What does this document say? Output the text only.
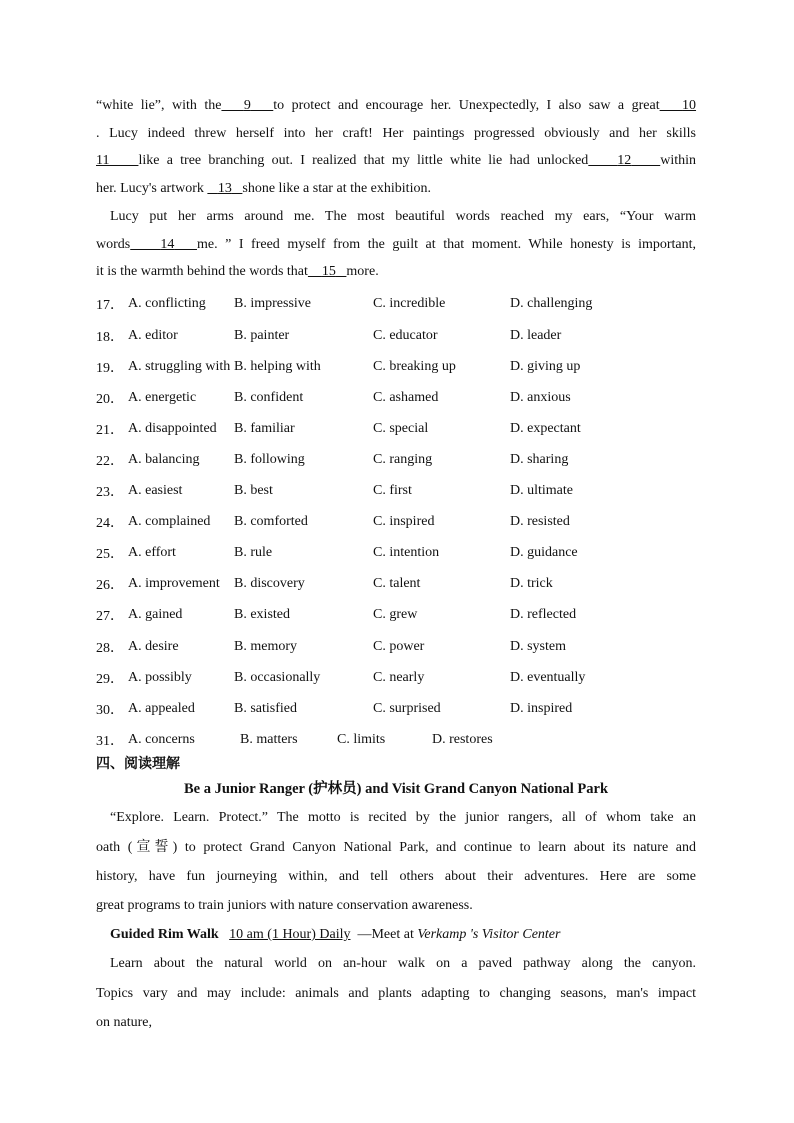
“white lie”, with the 9 to protect and encourage her. Unexpectedly, I also saw a great 10

. Lucy indeed threw herself into her craft! Her paintings progressed obviously and her skills

11 like a tree branching out. I realized that my little white lie had unlocked 12 within

her. Lucy's artwork 13 shone like a star at the exhibition.

Lucy put her arms around me. The most beautiful words reached my ears, “Your warm

words 14 me. ” I freed myself from the guilt at that moment. While honesty is important,

it is the warmth behind the words that 15 more.

17． A. conflicting	B. impressive	C. incredible	D. challenging
18． A. editor	B. painter	C. educator	D. leader
19． A. struggling with B. helping with	C. breaking up	D. giving up
20． A. energetic	B. confident	C. ashamed	D. anxious
21． A. disappointed	B. familiar	C. special	D. expectant
22． A. balancing	B. following	C. ranging	D. sharing
23． A. easiest	B. best	C. first	D. ultimate
24． A. complained	B. comforted	C. inspired	D. resisted
25． A. effort	B. rule	C. intention	D. guidance
26． A. improvement	B. discovery	C. talent	D. trick
27． A. gained	B. existed	C. grew	D. reflected
28． A. desire	B. memory	C. power	D. system
29． A. possibly	B. occasionally	C. nearly	D. eventually
30． A. appealed	B. satisfied	C. surprised	D. inspired
31． A. concerns	B. matters	C. limits	D. restores
四、阅读理解

Be a Junior Ranger (护林员) and Visit Grand Canyon National Park

“Explore. Learn. Protect.” The motto is recited by the junior rangers, all of whom take an

oath (宣誓) to protect Grand Canyon National Park, and continue to learn about its nature and

history, have fun journeying within, and tell others about their adventures. Here are some

great programs to train juniors with nature conservation awareness.

Guided Rim Walk 10 am (1 Hour) Daily —Meet at Verkamp 's Visitor Center

Learn about the natural world on an-hour walk on a paved pathway along the canyon.

Topics vary and may include: animals and plants adapting to changing seasons, man's impact

on nature,
